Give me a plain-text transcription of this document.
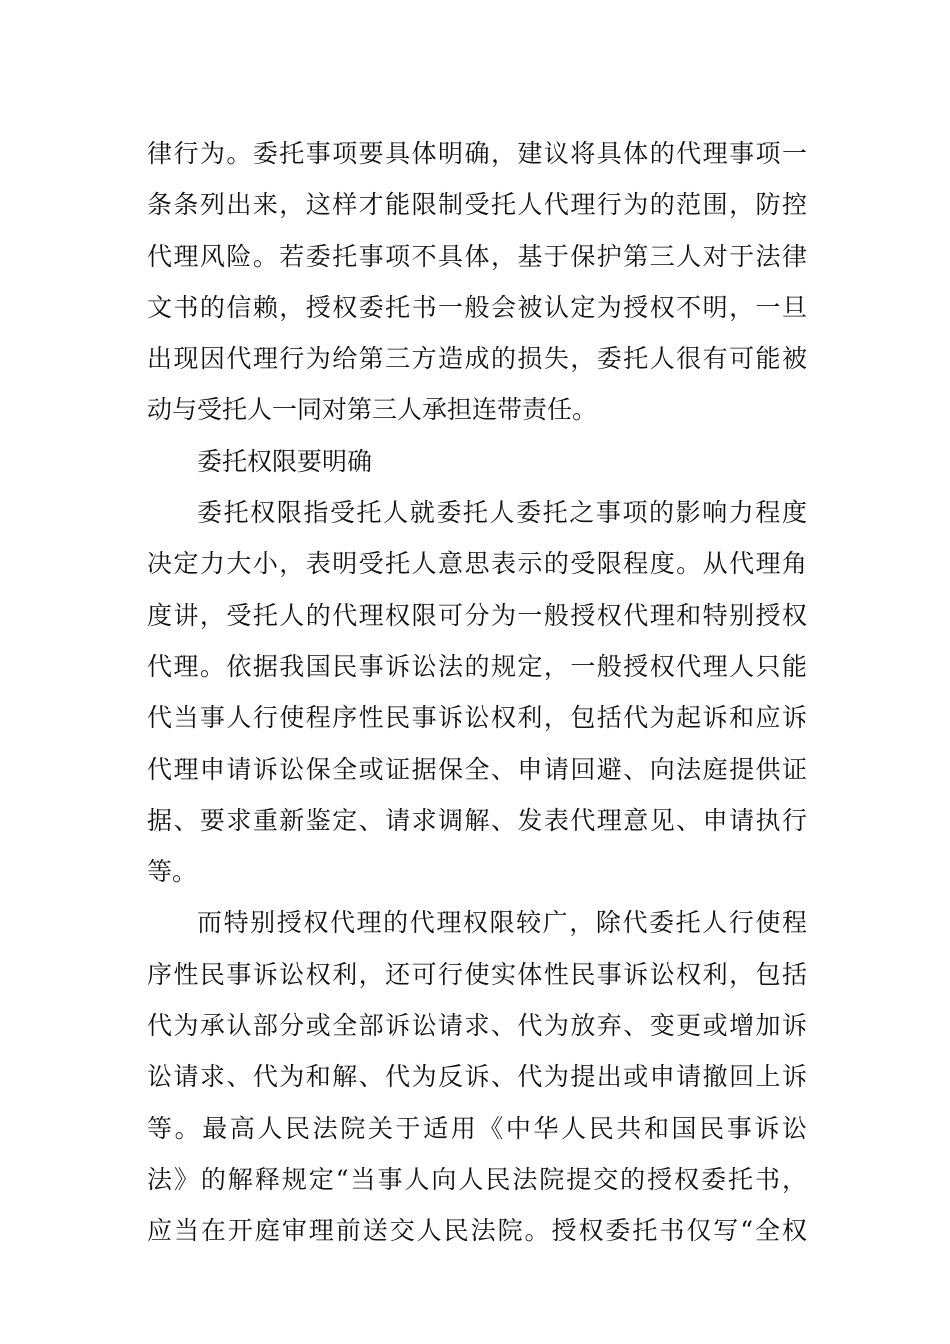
律行为。委托事项要具体明确，建议将具体的代理事项一
条条列出来，这样才能限制受托人代理行为的范围，防控
代理风险。若委托事项不具体，基于保护第三人对于法律
文书的信赖，授权委托书一般会被认定为授权不明，一旦
出现因代理行为给第三方造成的损失，委托人很有可能被
动与受托人一同对第三人承担连带责任。
委托权限要明确
委托权限指受托人就委托人委托之事项的影响力程度
决定力大小，表明受托人意思表示的受限程度。从代理角
度讲，受托人的代理权限可分为一般授权代理和特别授权
代理。依据我国民事诉讼法的规定，一般授权代理人只能
代当事人行使程序性民事诉讼权利，包括代为起诉和应诉
代理申请诉讼保全或证据保全、申请回避、向法庭提供证
据、要求重新鉴定、请求调解、发表代理意见、申请执行
等。
而特别授权代理的代理权限较广，除代委托人行使程
序性民事诉讼权利，还可行使实体性民事诉讼权利，包括
代为承认部分或全部诉讼请求、代为放弃、变更或增加诉
讼请求、代为和解、代为反诉、代为提出或申请撤回上诉
等。最高人民法院关于适用《中华人民共和国民事诉讼
法》的解释规定“当事人向人民法院提交的授权委托书，
应当在开庭审理前送交人民法院。授权委托书仅写“全权
